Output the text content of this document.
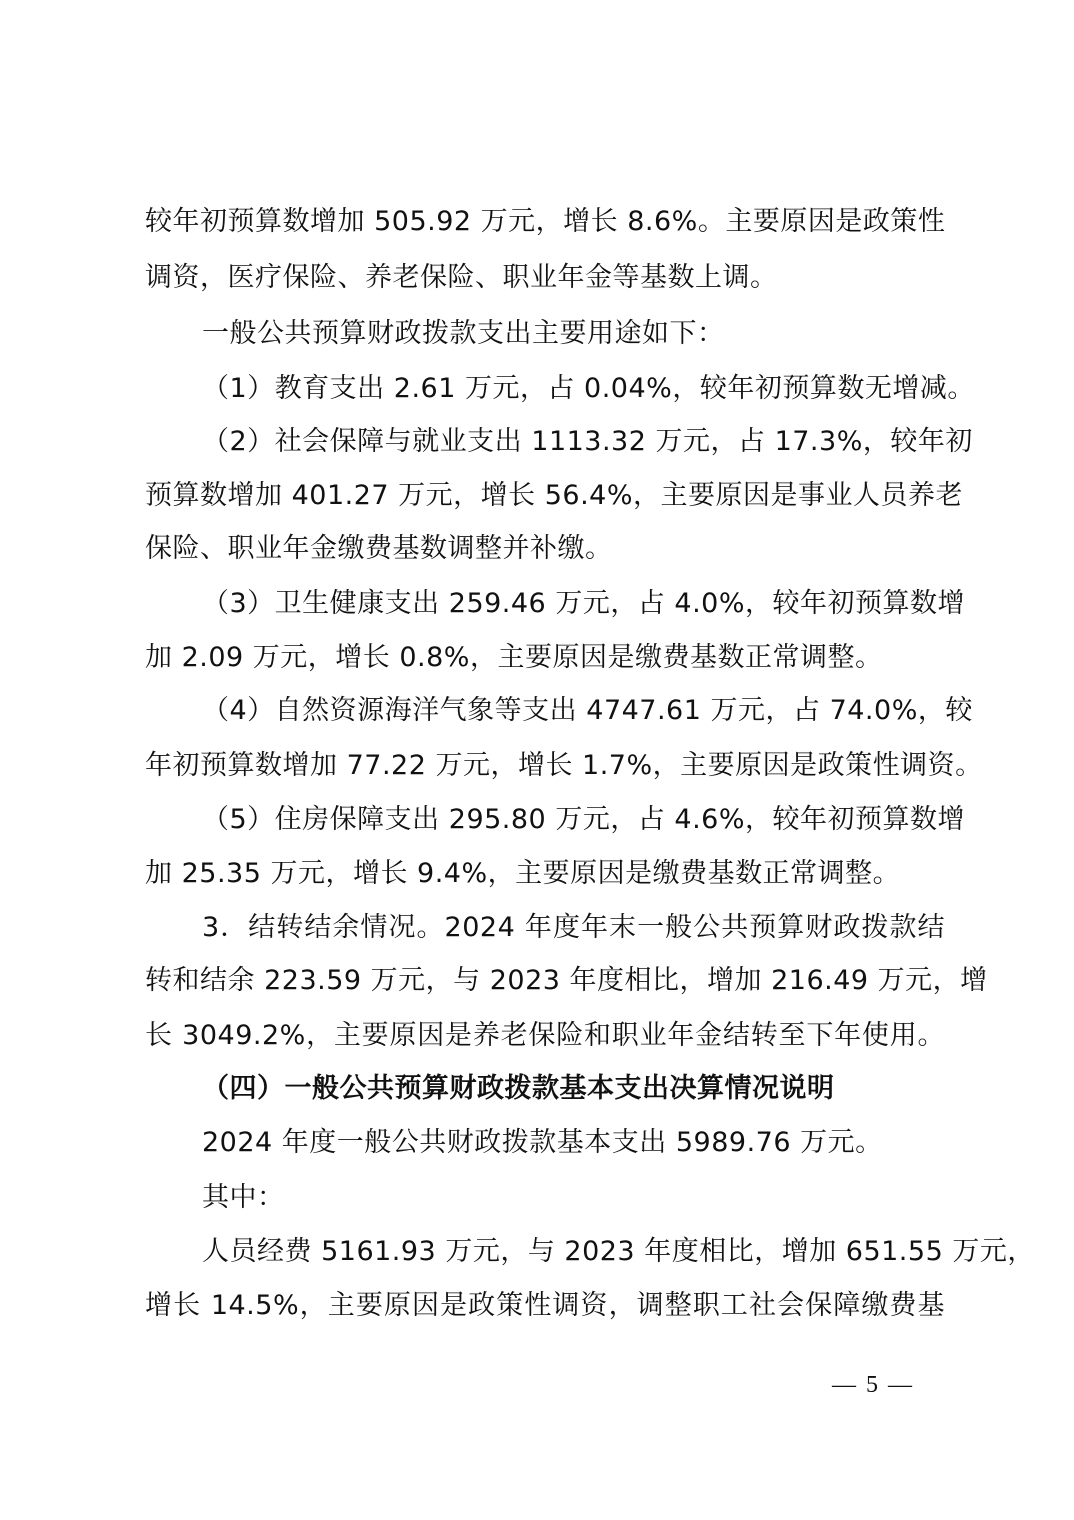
较年初预算数增加 505.92 万元，增长 8.6%。主要原因是政策性
调资，医疗保险、养老保险、职业年金等基数上调。
一般公共预算财政拨款支出主要用途如下：
（1）教育支出 2.61 万元，占 0.04%，较年初预算数无增减。
（2）社会保障与就业支出 1113.32 万元，占 17.3%，较年初
预算数增加 401.27 万元，增长 56.4%，主要原因是事业人员养老
保险、职业年金缴费基数调整并补缴。
（3）卫生健康支出 259.46 万元，占 4.0%，较年初预算数增
加 2.09 万元，增长 0.8%，主要原因是缴费基数正常调整。
（4）自然资源海洋气象等支出 4747.61 万元，占 74.0%，较
年初预算数增加 77.22 万元，增长 1.7%，主要原因是政策性调资。
（5）住房保障支出 295.80 万元，占 4.6%，较年初预算数增
加 25.35 万元，增长 9.4%，主要原因是缴费基数正常调整。
3．结转结余情况。2024 年度年末一般公共预算财政拨款结
转和结余 223.59 万元，与 2023 年度相比，增加 216.49 万元，增
长 3049.2%，主要原因是养老保险和职业年金结转至下年使用。
（四）一般公共预算财政拨款基本支出决算情况说明
2024 年度一般公共财政拨款基本支出 5989.76 万元。
其中：
人员经费 5161.93 万元，与 2023 年度相比，增加 651.55 万元，
增长 14.5%，主要原因是政策性调资，调整职工社会保障缴费基
— 5 —
